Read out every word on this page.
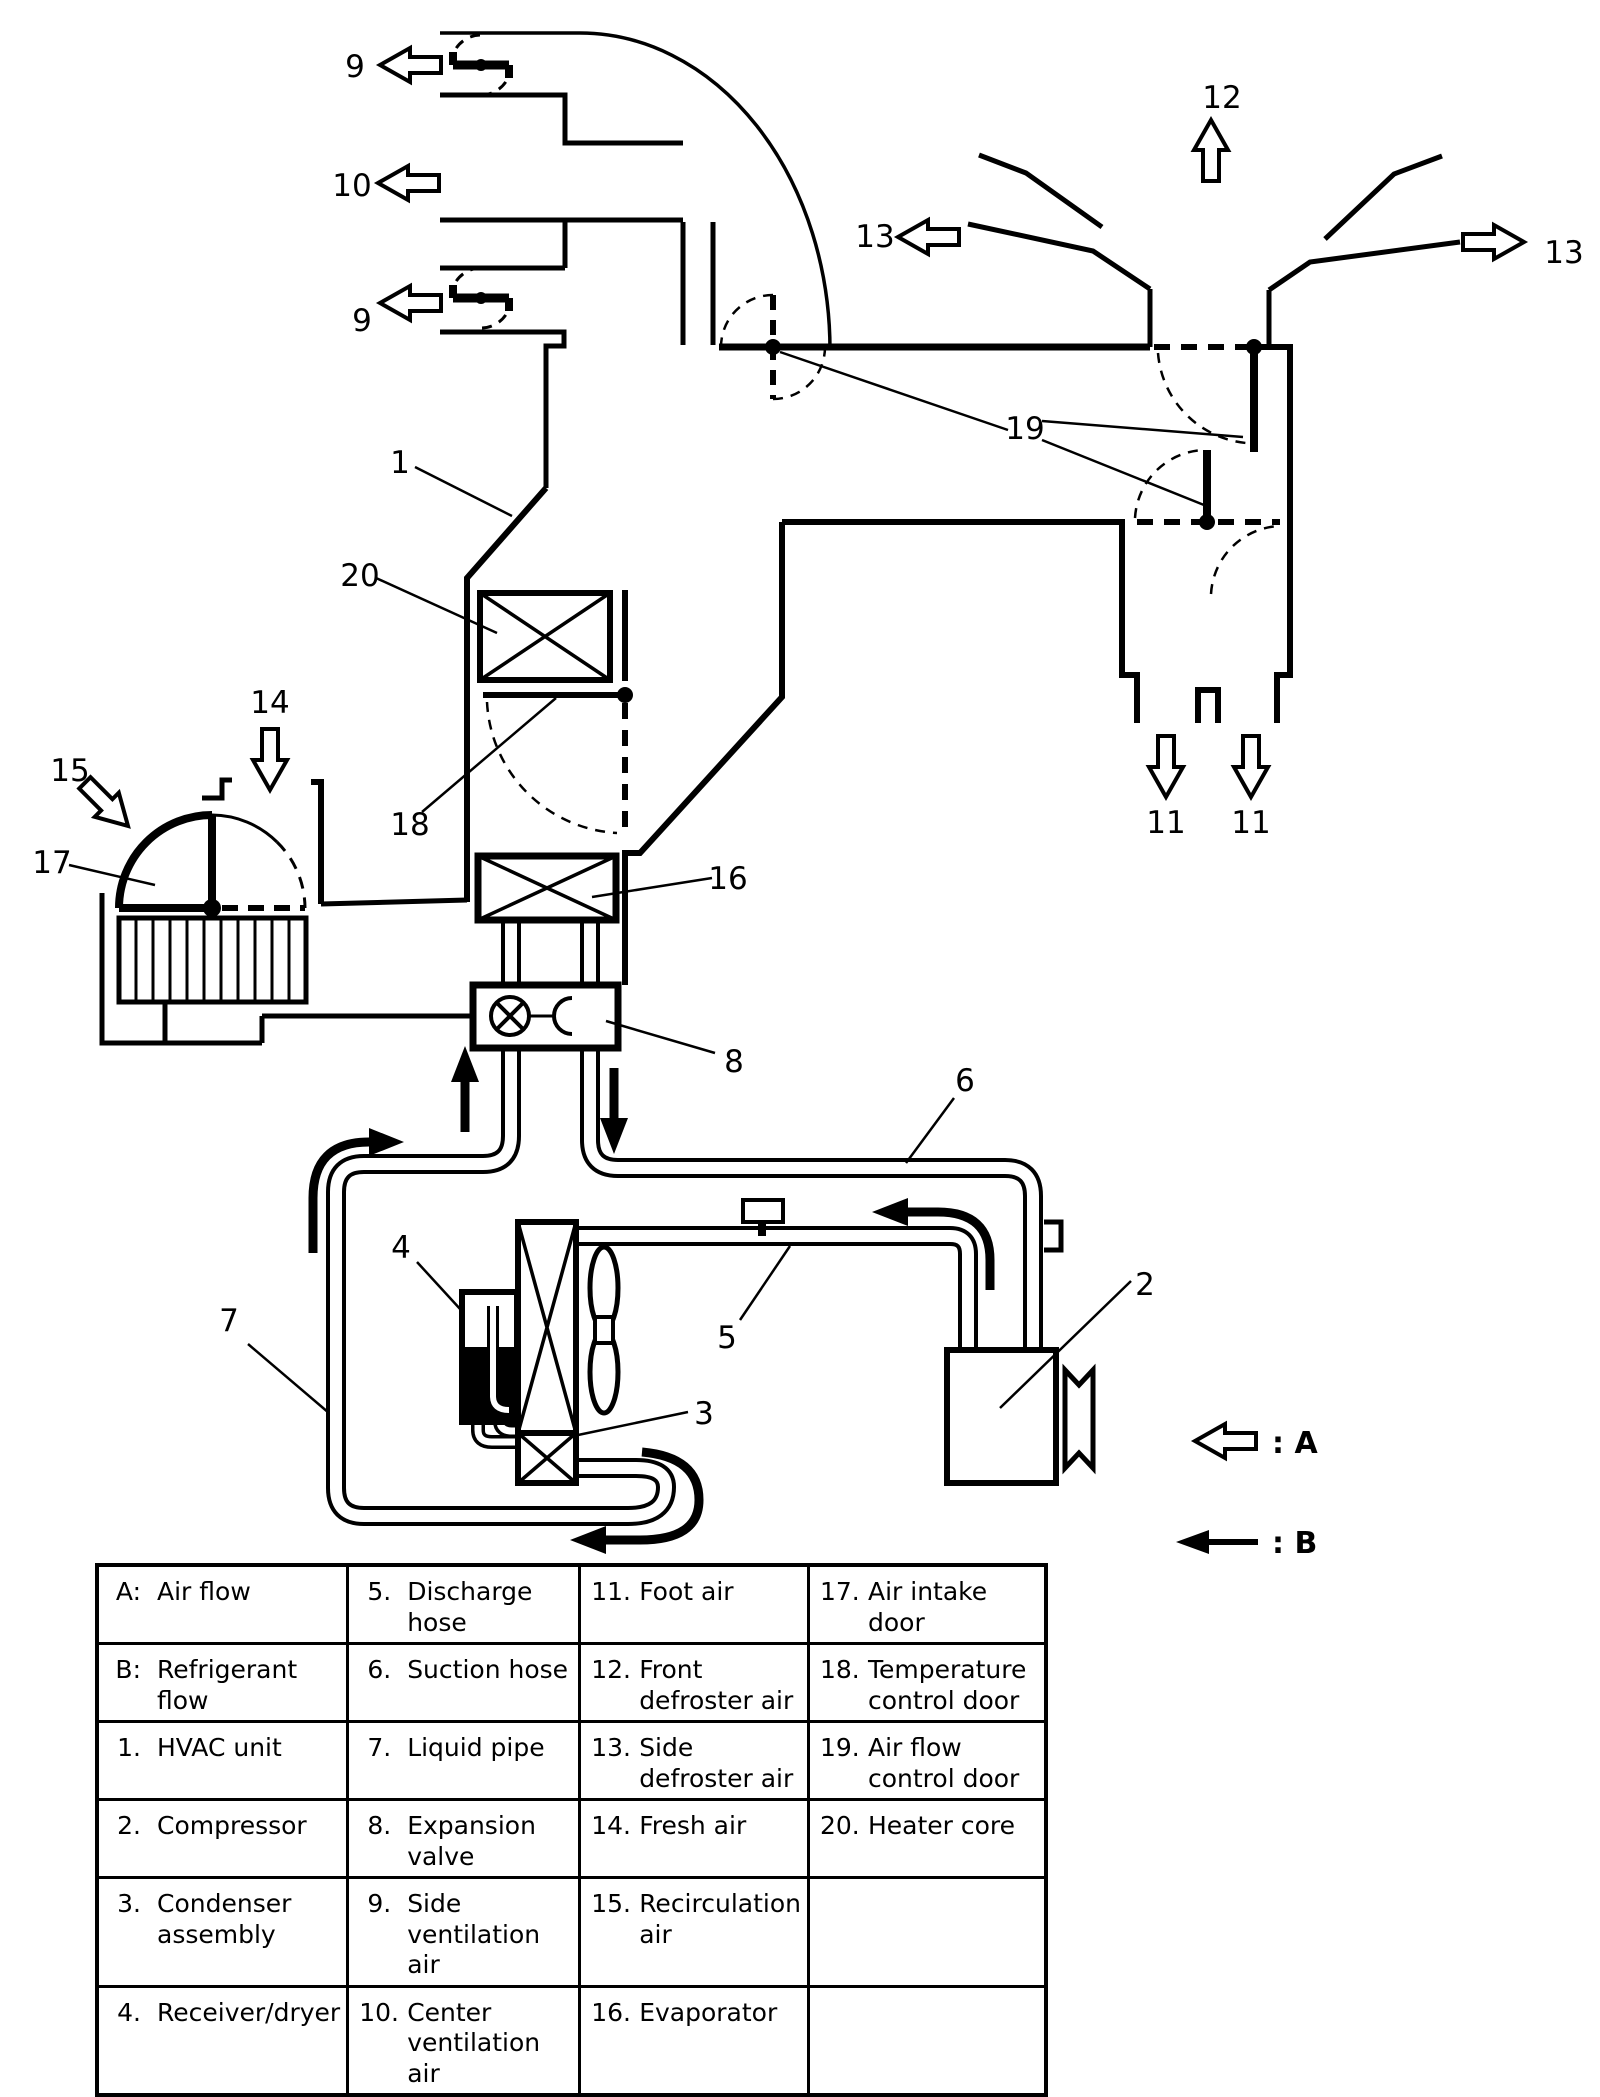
9
10
9
1
20
14
15
17
18
16
12
13	13
19
11 11
8
6
5
2
3
4
7
: A
: B
A: Air flow	5. Discharge hose	11. Foot air	17. Air intake door

B: Refrigerant flow	6. Suction hose	12. Front defroster air	18. Temperature control door

1. HVAC unit	7. Liquid pipe	13. Side defroster air	19. Air flow control door

2. Compressor	8. Expansion valve	14. Fresh air	20. Heater core

3. Condenser assembly	9. Side ventilation air	15. Recirculation air	

4. Receiver/dryer	10. Center ventilation air	16. Evaporator	
